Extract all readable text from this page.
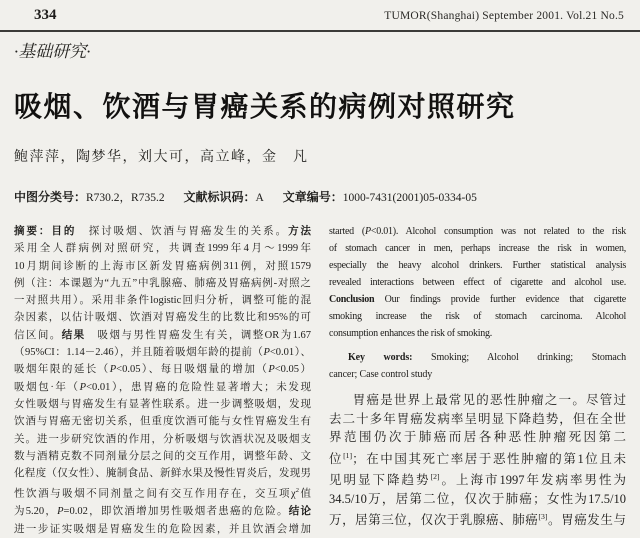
334	TUMOR(Shanghai) September 2001. Vol.21 No.5
·基础研究·
吸烟、饮酒与胃癌关系的病例对照研究
鲍萍萍，陶梦华，刘大可，高立峰，金　凡
中图分类号：R730.2，R735.2 文献标识码：A 文章编号：1000-7431(2001)05-0334-05
摘要：目的　探讨吸烟、饮酒与胃癌发生的关系。方法
采用全人群病例对照研究，共调查1999年4月～1999年
10月期间诊断的上海市区新发胃癌病例311例，对照1579
例（注：本课题为“九五”中乳腺癌、肺癌及胃癌病例-对照之
一对照共用）。采用非条件logistic回归分析，调整可能的混
杂因素，以估计吸烟、饮酒对胃癌发生的比数比和95%的可
信区间。结果　吸烟与男性胃癌发生有关，调整OR为1.67
（95%CI：1.14－2.46），并且随着吸烟年龄的提前（P<0.01）、
吸烟年限的延长（P<0.05）、每日吸烟量的增加（P<0.05）
吸烟包·年（P<0.01），患胃癌的危险性显著增大；未发现
女性吸烟与胃癌发生有显著性联系。进一步调整吸烟，发现
饮酒与胃癌无密切关系，但重度饮酒可能与女性胃癌发生有
关。进一步研究饮酒的作用，分析吸烟与饮酒状况及吸烟支
数与酒精克数不同剂量分层之间的交互作用，调整年龄、文
化程度（仅女性）、腌制食品、新鲜水果及慢性胃炎后，发现男
性饮酒与吸烟不同剂量之间有交互作用存在，交互项$\chi^2$值
为5.20，P=0.02，即饮酒增加男性吸烟者患癌的危险。结论
进一步证实吸烟是胃癌发生的危险因素，并且饮酒会增加
started (P<0.01). Alcohol consumption was not related to the risk
of stomach cancer in men, perhaps increase the risk in women,
especially the heavy alcohol drinkers. Further statistical analysis
revealed interactions between effect of cigarette and alcohol use.
Conclusion Our findings provide further evidence that cigarette
smoking increase the risk of stomach carcinoma. Alcohol
consumption enhances the risk of smoking.
Key words: Smoking; Alcohol drinking; Stomach
cancer; Case control study
胃癌是世界上最常见的恶性肿瘤之一。尽管过
去二十多年胃癌发病率呈明显下降趋势，但在全世
界范围仍次于肺癌而居各种恶性肿瘤死因第二
位[1]；在中国其死亡率居于恶性肿瘤的第1位且未
见明显下降趋势[2]。上海市1997年发病率男性为
34.5/10万，居第二位，仅次于肺癌；女性为17.5/10
万，居第三位，仅次于乳腺癌、肺癌[3]。胃癌发生与
